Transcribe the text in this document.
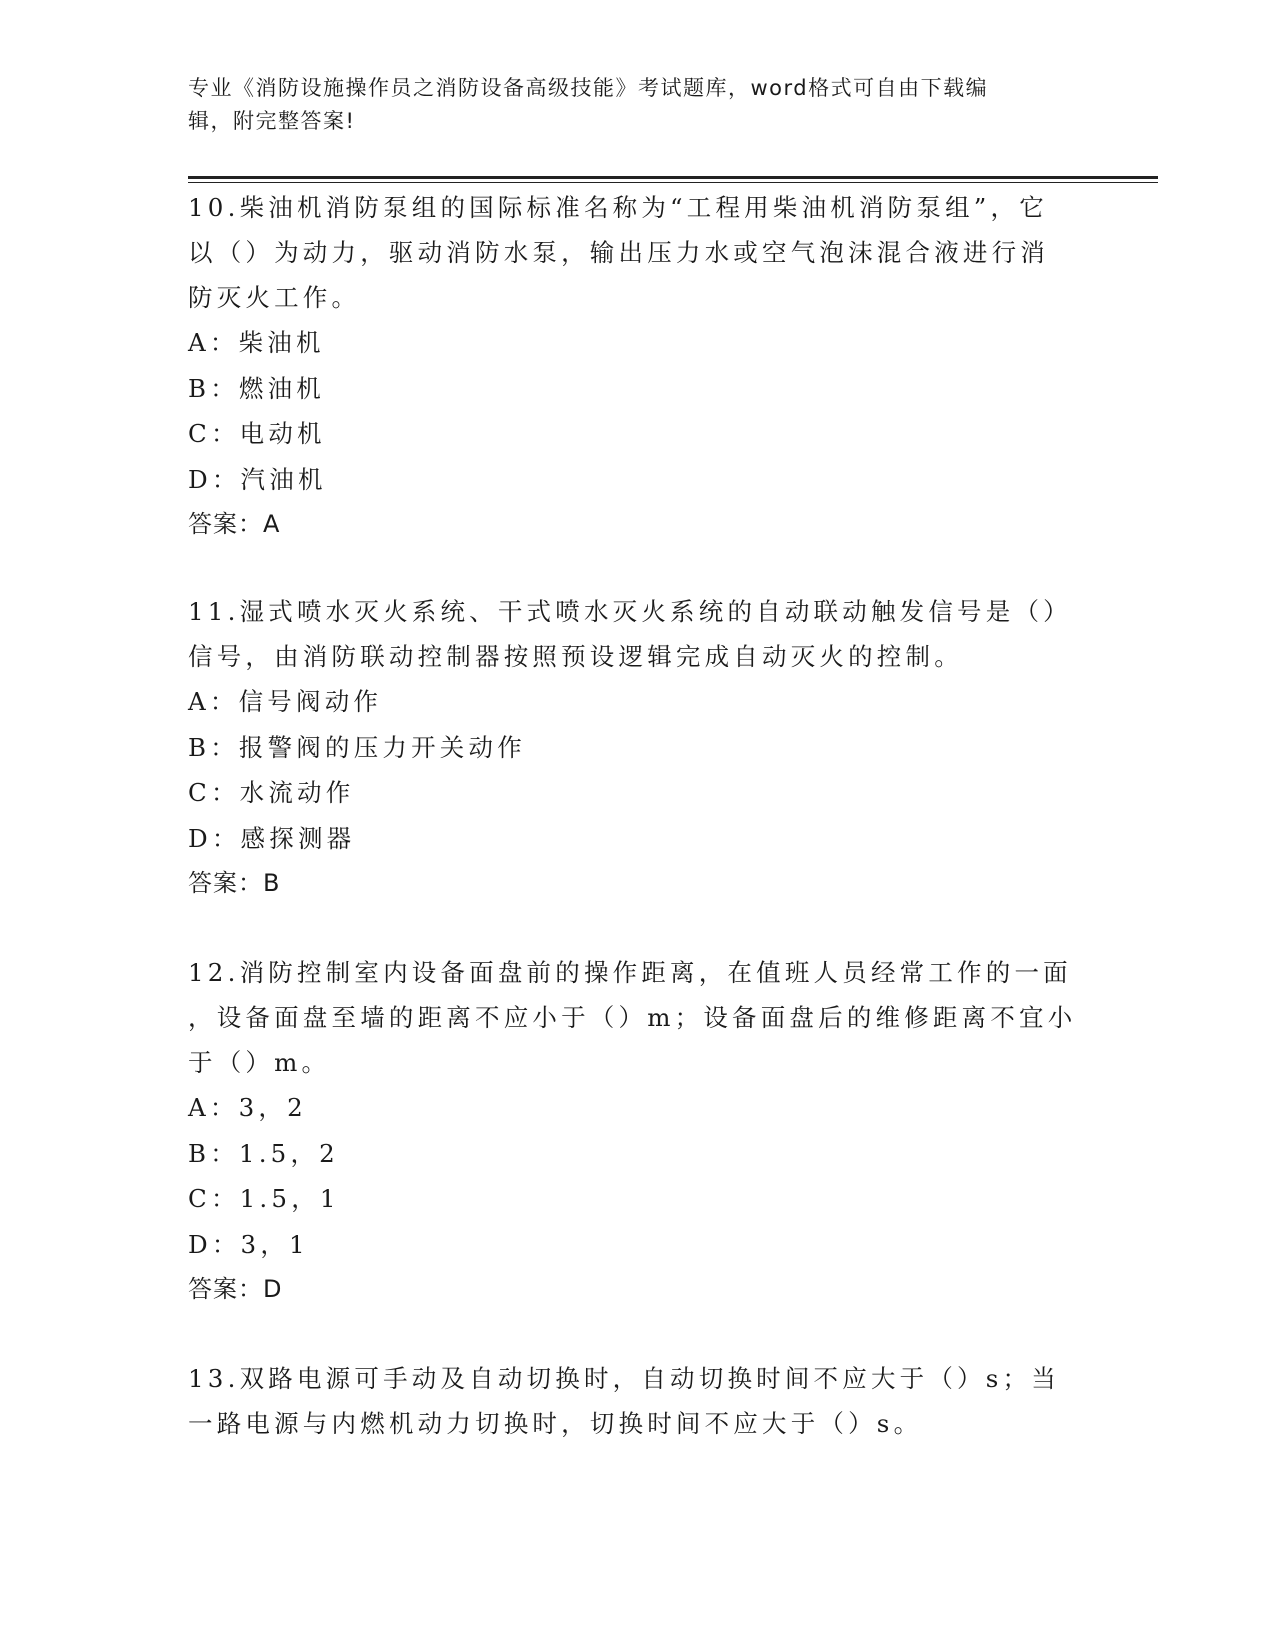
专业《消防设施操作员之消防设备高级技能》考试题库，word格式可自由下载编
辑，附完整答案!

10.柴油机消防泵组的国际标准名称为“工程用柴油机消防泵组”，它

以（）为动力，驱动消防水泵，输出压力水或空气泡沫混合液进行消

防灭火工作。

A：柴油机

B：燃油机

C：电动机

D：汽油机

答案：A

11.湿式喷水灭火系统、干式喷水灭火系统的自动联动触发信号是（）

信号，由消防联动控制器按照预设逻辑完成自动灭火的控制。

A：信号阀动作

B：报警阀的压力开关动作

C：水流动作

D：感探测器

答案：B

12.消防控制室内设备面盘前的操作距离，在值班人员经常工作的一面

，设备面盘至墙的距离不应小于（）m；设备面盘后的维修距离不宜小

于（）m。

A：3，2

B：1.5，2

C：1.5，1

D：3，1

答案：D

13.双路电源可手动及自动切换时，自动切换时间不应大于（）s；当

一路电源与内燃机动力切换时，切换时间不应大于（）s。
